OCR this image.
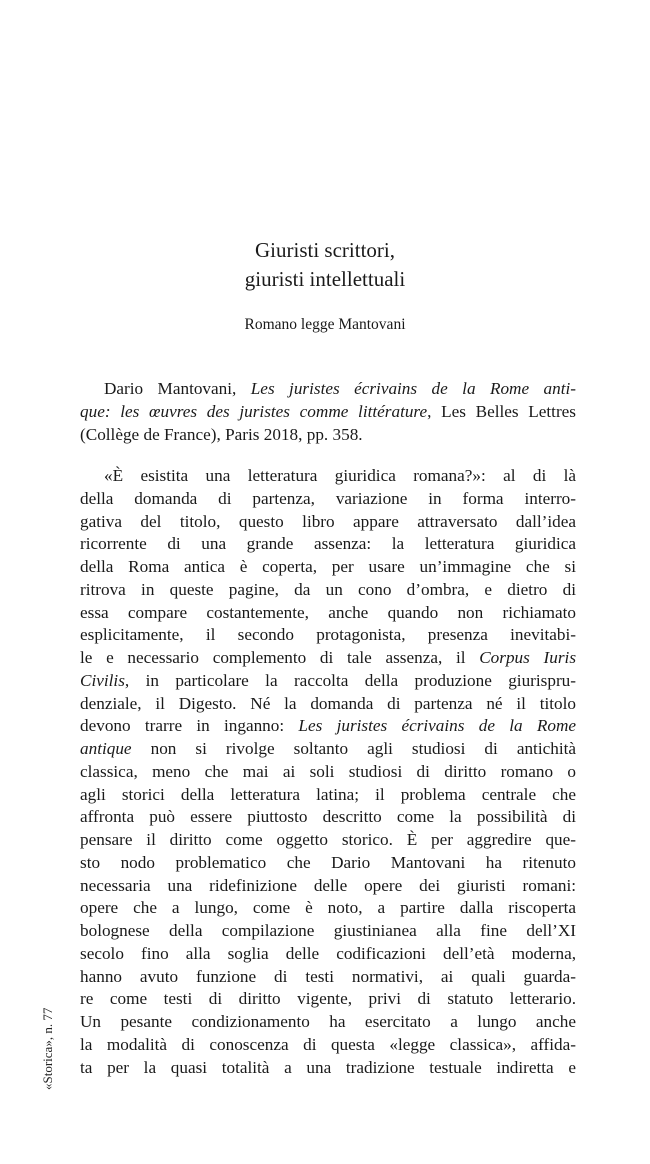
Giuristi scrittori,
giuristi intellettuali
Romano legge Mantovani
Dario Mantovani, Les juristes écrivains de la Rome anti-
que: les œuvres des juristes comme littérature, Les Belles Lettres
(Collège de France), Paris 2018, pp. 358.
«È esistita una letteratura giuridica romana?»: al di là
della domanda di partenza, variazione in forma interro-
gativa del titolo, questo libro appare attraversato dall’idea
ricorrente di una grande assenza: la letteratura giuridica
della Roma antica è coperta, per usare un’immagine che si
ritrova in queste pagine, da un cono d’ombra, e dietro di
essa compare costantemente, anche quando non richiamato
esplicitamente, il secondo protagonista, presenza inevitabi-
le e necessario complemento di tale assenza, il Corpus Iuris
Civilis, in particolare la raccolta della produzione giurispru-
denziale, il Digesto. Né la domanda di partenza né il titolo
devono trarre in inganno: Les juristes écrivains de la Rome
antique non si rivolge soltanto agli studiosi di antichità
classica, meno che mai ai soli studiosi di diritto romano o
agli storici della letteratura latina; il problema centrale che
affronta può essere piuttosto descritto come la possibilità di
pensare il diritto come oggetto storico. È per aggredire que-
sto nodo problematico che Dario Mantovani ha ritenuto
necessaria una ridefinizione delle opere dei giuristi romani:
opere che a lungo, come è noto, a partire dalla riscoperta
bolognese della compilazione giustinianea alla fine dell’XI
secolo fino alla soglia delle codificazioni dell’età moderna,
hanno avuto funzione di testi normativi, ai quali guarda-
re come testi di diritto vigente, privi di statuto letterario.
Un pesante condizionamento ha esercitato a lungo anche
la modalità di conoscenza di questa «legge classica», affida-
ta per la quasi totalità a una tradizione testuale indiretta e
«Storica», n. 77
